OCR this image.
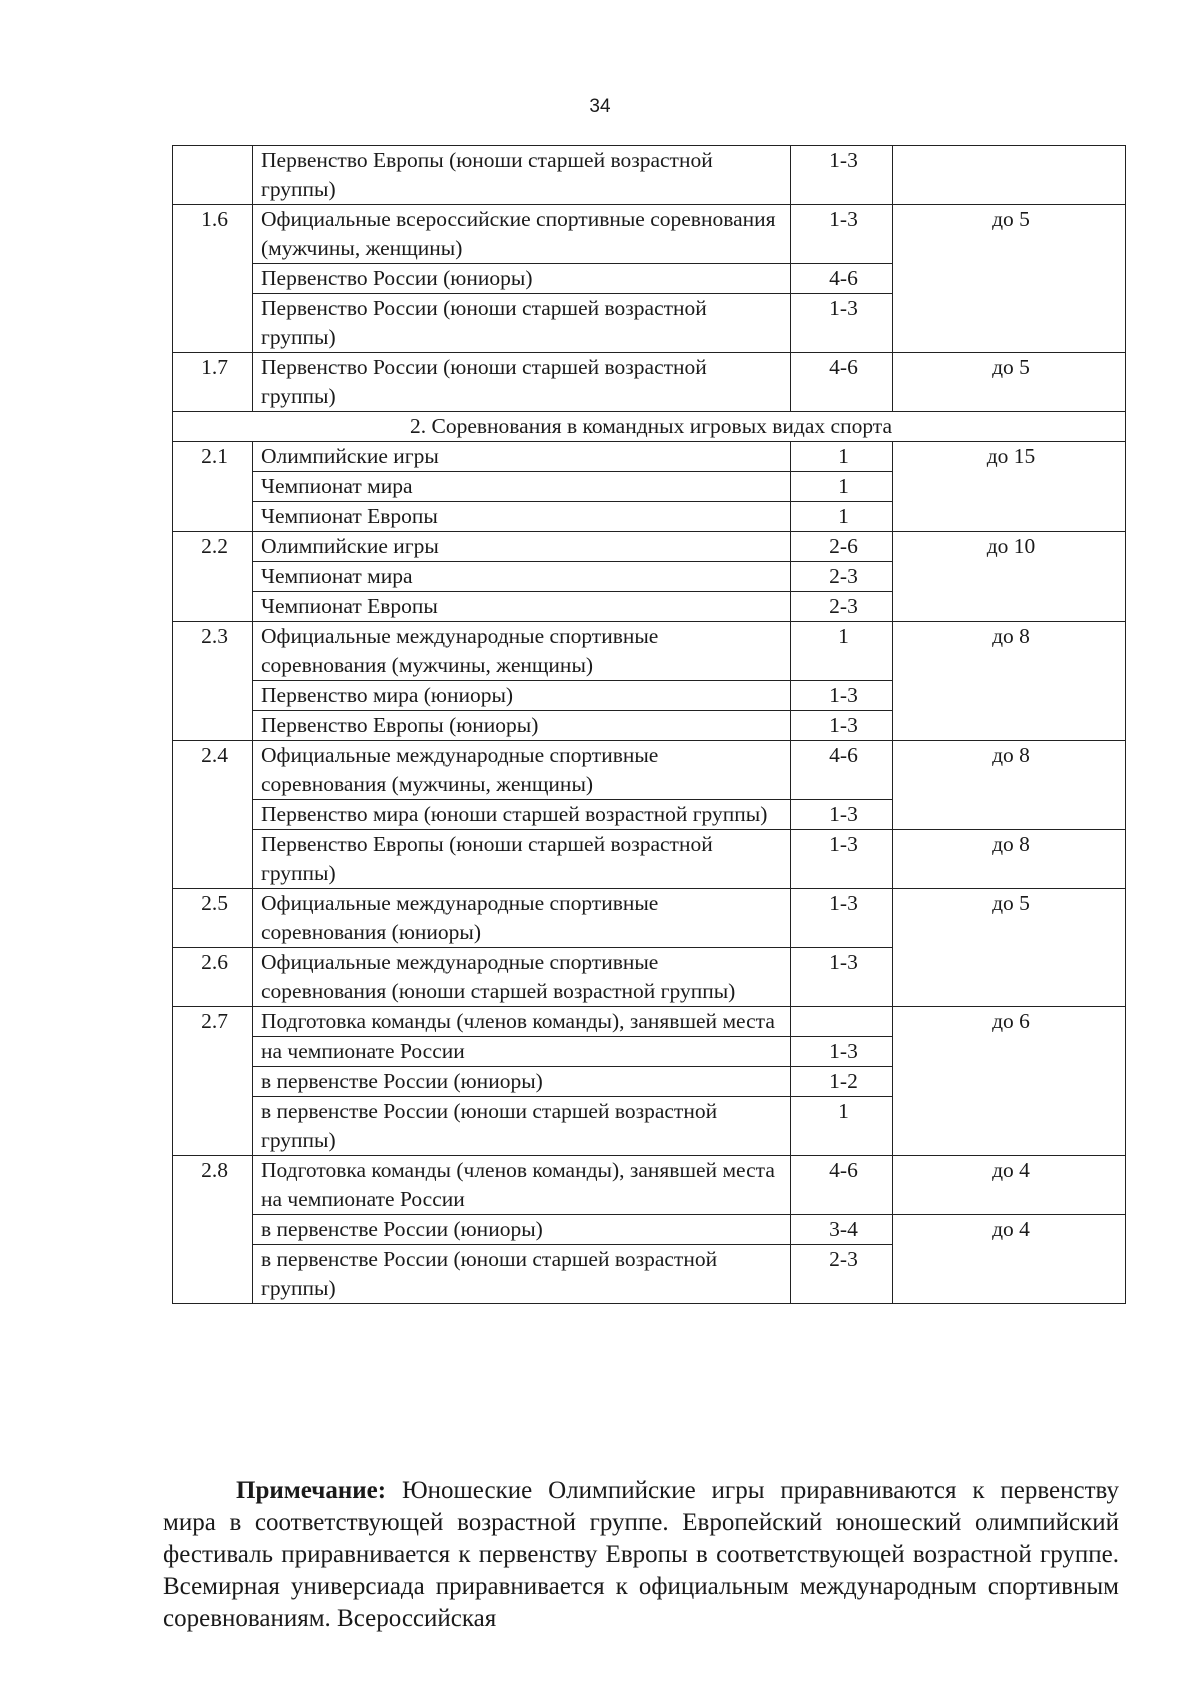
34
	Первенство Европы (юноши старшей возрастной группы)	1-3	
1.6	Официальные всероссийские спортивные соревнования (мужчины, женщины)	1-3	до 5
	Первенство России (юниоры)	4-6	
	Первенство России (юноши старшей возрастной группы)	1-3	
1.7	Первенство России (юноши старшей возрастной группы)	4-6	до 5
2. Соревнования в командных игровых видах спорта			
2.1	Олимпийские игры	1	до 15
	Чемпионат мира	1	
	Чемпионат Европы	1	
2.2	Олимпийские игры	2-6	до 10
	Чемпионат мира	2-3	
	Чемпионат Европы	2-3	
2.3	Официальные международные спортивные соревнования (мужчины, женщины)	1	до 8
	Первенство мира (юниоры)	1-3	
	Первенство Европы (юниоры)	1-3	
2.4	Официальные международные спортивные соревнования (мужчины, женщины)	4-6	до 8
	Первенство мира (юноши старшей возрастной группы)	1-3	
	Первенство Европы (юноши старшей возрастной группы)	1-3	до 8
2.5	Официальные международные спортивные соревнования (юниоры)	1-3	до 5
2.6	Официальные международные спортивные соревнования (юноши старшей возрастной группы)	1-3	
2.7	Подготовка команды (членов команды), занявшей места		до 6
	на чемпионате России	1-3	
	в первенстве России (юниоры)	1-2	
	в первенстве России (юноши старшей возрастной группы)	1	
2.8	Подготовка команды (членов команды), занявшей места на чемпионате России	4-6	до 4
	в первенстве России (юниоры)	3-4	до 4
	в первенстве России (юноши старшей возрастной группы)	2-3	
Примечание: Юношеские Олимпийские игры приравниваются к первенству мира в соответствующей возрастной группе. Европейский юношеский олимпийский фестиваль приравнивается к первенству Европы в соответствующей возрастной группе. Всемирная универсиада приравнивается к официальным международным спортивным соревнованиям. Всероссийская
